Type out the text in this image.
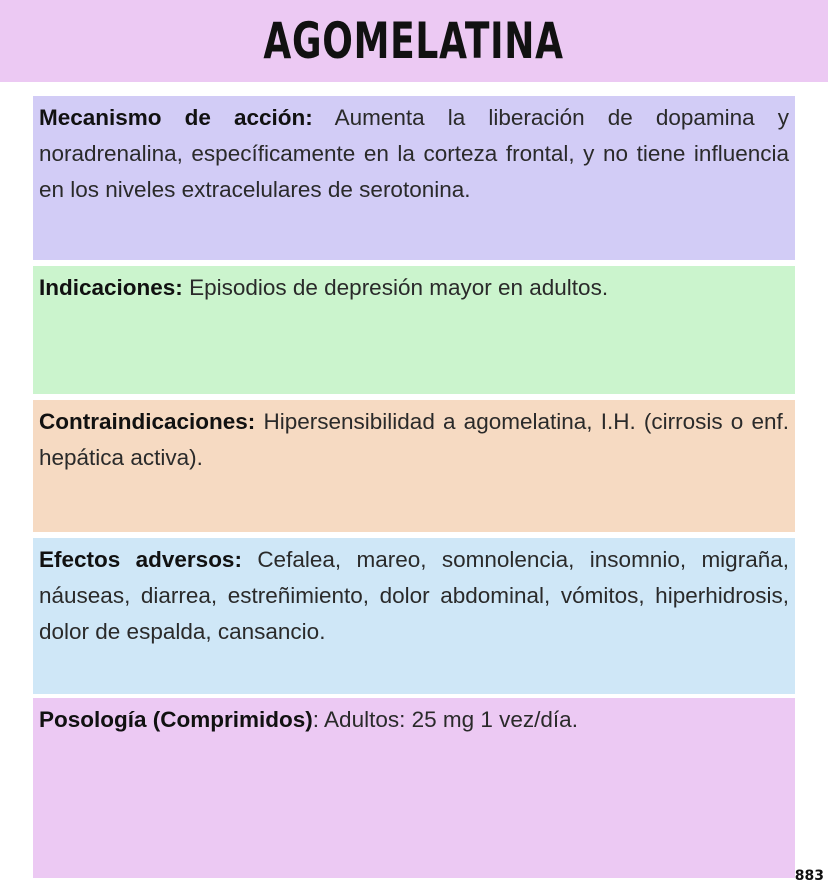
AGOMELATINA
Mecanismo de acción: Aumenta la liberación de dopamina y noradrenalina, específicamente en la corteza frontal, y no tiene influencia en los niveles extracelulares de serotonina.
Indicaciones: Episodios de depresión mayor en adultos.
Contraindicaciones: Hipersensibilidad a agomelatina, I.H. (cirrosis o enf. hepática activa).
Efectos adversos: Cefalea, mareo, somnolencia, insomnio, migraña, náuseas, diarrea, estreñimiento, dolor abdominal, vómitos, hiperhidrosis, dolor de espalda, cansancio.
Posología (Comprimidos): Adultos: 25 mg 1 vez/día.
883
